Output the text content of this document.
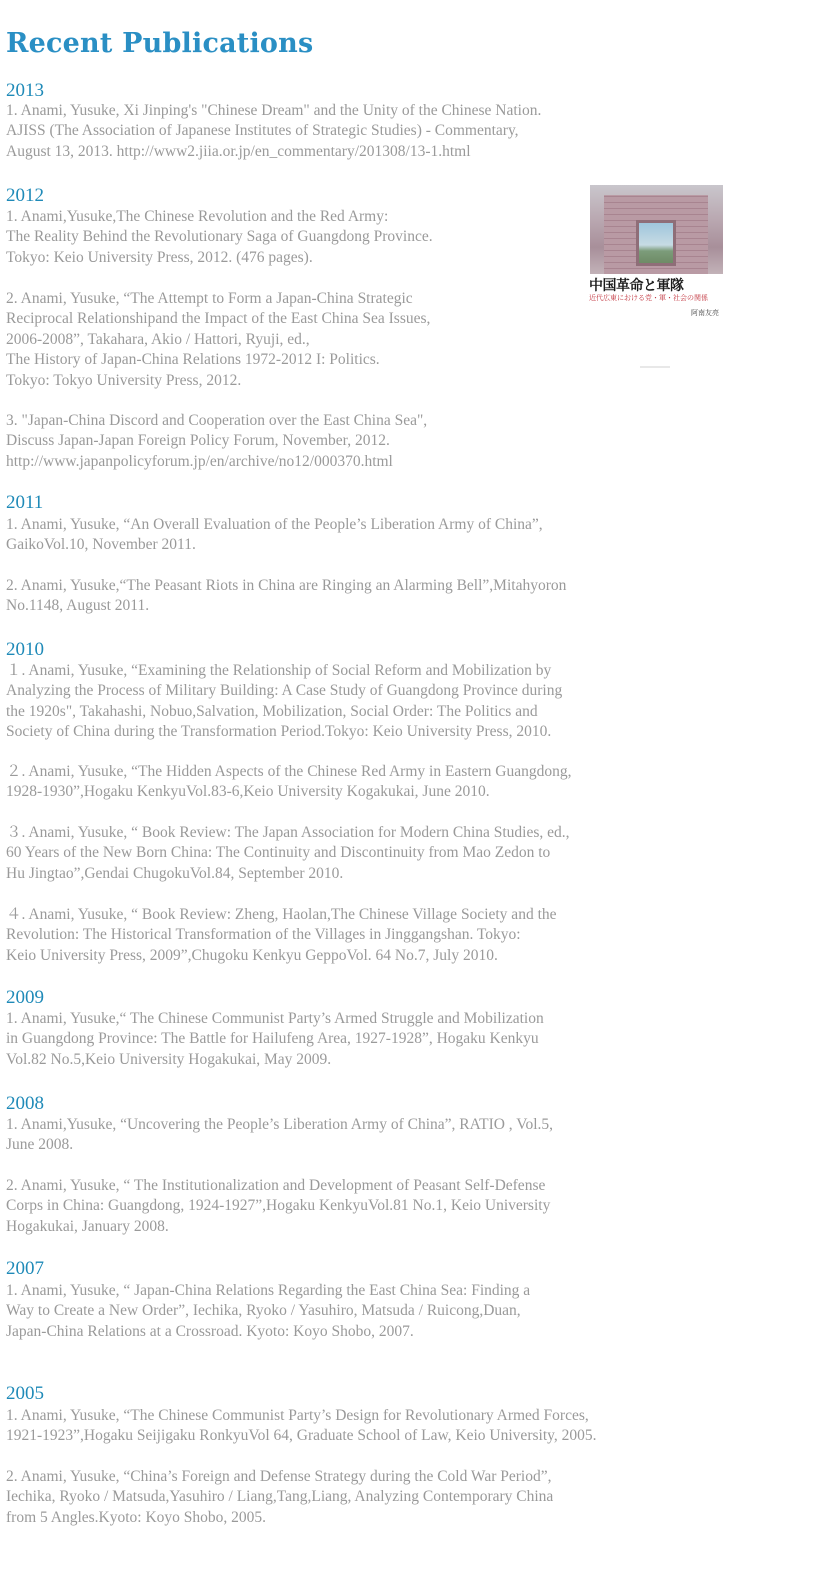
Recent Publications
中国革命と軍隊
近代広東における党・軍・社会の関係
阿南友亮
2013

1. Anami, Yusuke, Xi Jinping's "Chinese Dream" and the Unity of the Chinese Nation.
AJISS (The Association of Japanese Institutes of Strategic Studies) - Commentary,
August 13, 2013. http://www2.jiia.or.jp/en_commentary/201308/13-1.html

2012

1. Anami,Yusuke,The Chinese Revolution and the Red Army:
The Reality Behind the Revolutionary Saga of Guangdong Province.
Tokyo: Keio University Press, 2012. (476 pages).

2. Anami, Yusuke, “The Attempt to Form a Japan-China Strategic
Reciprocal Relationshipand the Impact of the East China Sea Issues,
2006-2008”, Takahara, Akio / Hattori, Ryuji, ed.,
The History of Japan-China Relations 1972-2012 I: Politics.
Tokyo: Tokyo University Press, 2012.

3. "Japan-China Discord and Cooperation over the East China Sea",
Discuss Japan-Japan Foreign Policy Forum, November, 2012.
http://www.japanpolicyforum.jp/en/archive/no12/000370.html

2011

1. Anami, Yusuke, “An Overall Evaluation of the People’s Liberation Army of China”,
GaikoVol.10, November 2011.

2. Anami, Yusuke,“The Peasant Riots in China are Ringing an Alarming Bell”,Mitahyoron
No.1148, August 2011.

2010

１. Anami, Yusuke, “Examining the Relationship of Social Reform and Mobilization by
Analyzing the Process of Military Building: A Case Study of Guangdong Province during
the 1920s", Takahashi, Nobuo,Salvation, Mobilization, Social Order: The Politics and
Society of China during the Transformation Period.Tokyo: Keio University Press, 2010.

２. Anami, Yusuke, “The Hidden Aspects of the Chinese Red Army in Eastern Guangdong,
1928-1930”,Hogaku KenkyuVol.83-6,Keio University Kogakukai, June 2010.

３. Anami, Yusuke, “ Book Review: The Japan Association for Modern China Studies, ed.,
60 Years of the New Born China: The Continuity and Discontinuity from Mao Zedon to
Hu Jingtao”,Gendai ChugokuVol.84, September 2010.

４. Anami, Yusuke, “ Book Review: Zheng, Haolan,The Chinese Village Society and the
Revolution: The Historical Transformation of the Villages in Jinggangshan. Tokyo:
Keio University Press, 2009”,Chugoku Kenkyu GeppoVol. 64 No.7, July 2010.

2009

1. Anami, Yusuke,“ The Chinese Communist Party’s Armed Struggle and Mobilization
in Guangdong Province: The Battle for Hailufeng Area, 1927-1928”, Hogaku Kenkyu
Vol.82 No.5,Keio University Hogakukai, May 2009.

2008

1. Anami,Yusuke, “Uncovering the People’s Liberation Army of China”, RATIO , Vol.5,
June 2008.

2. Anami, Yusuke, “ The Institutionalization and Development of Peasant Self-Defense
Corps in China: Guangdong, 1924-1927”,Hogaku KenkyuVol.81 No.1, Keio University
Hogakukai, January 2008.

2007

1. Anami, Yusuke, “ Japan-China Relations Regarding the East China Sea: Finding a
Way to Create a New Order”, Iechika, Ryoko / Yasuhiro, Matsuda / Ruicong,Duan,
Japan-China Relations at a Crossroad. Kyoto: Koyo Shobo, 2007.

2005

1. Anami, Yusuke, “The Chinese Communist Party’s Design for Revolutionary Armed Forces,
1921-1923”,Hogaku Seijigaku RonkyuVol 64, Graduate School of Law, Keio University, 2005.

2. Anami, Yusuke, “China’s Foreign and Defense Strategy during the Cold War Period”,
Iechika, Ryoko / Matsuda,Yasuhiro / Liang,Tang,Liang, Analyzing Contemporary China
from 5 Angles.Kyoto: Koyo Shobo, 2005.
